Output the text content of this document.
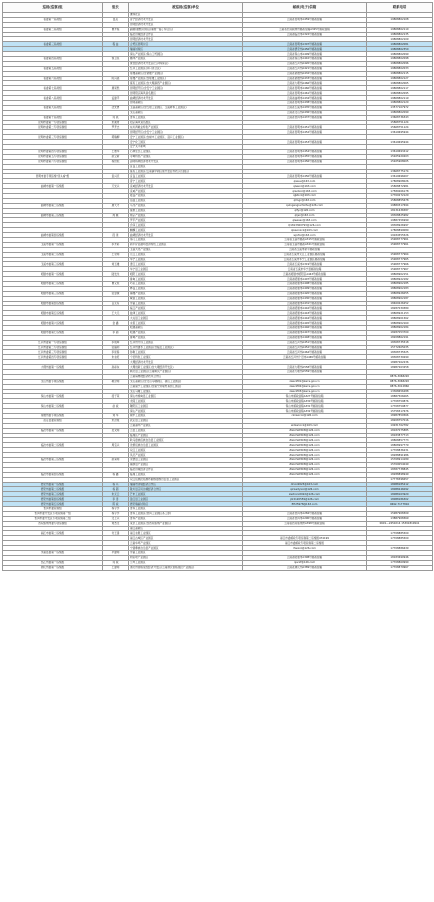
巡视(巡察)组	组长	被巡视(巡察)单位	邮政(电子)信箱	联系电话
		谦和社区		
省委第一巡视组	温克	晋宁经济技术开发区	云南省昆明市A459号邮政信箱	19808802108
		昆明经济技术开发区		
省委第二巡视组	曹开程	勐腊(磨憨)试验区(重塑一藤丁综合区)	云南省西双版纳州邮政信箱A325号邮政信箱	19808802110
		临沧边境经济合作区	云南省临沧市A322号邮政信箱	19808802135
		昆明经济技术开发区		19808802109
省委第三巡视组	程 益	合贸区昆明片区	云南省昆明市A307号邮政信箱	19808802081
		瑞丽试验区	云南省德宏州A456号邮政信箱	19808802350
		保山产业园区(保山工贸园区)	云南省保山市A409号邮政信箱	19808802099
省委第四巡视组	徐卫民	腾冲产业园区	云南省保山市A410号邮政信箱	19808802098
		蒙自经济技术开发区(红河综保区)	云南省红河州A420号邮政信箱	19808802096
省委第五巡视组		红河工业园区(河口边合区)	云南省红河州A421号邮政信箱	19808802033
		楚雄高新区(含楚雄产业园区)	云南省楚雄州A432号邮政信箱	19808802115
省委第六巡视组	陈兴美	楚雄产业园区(含楚雄工业园区)	云南省楚雄州A433号邮政信箱	19808802127
		富民工业园区(含大理滇西产业园区)	云南省大理州A466号邮政信箱	19808802065
省委第七巡视组	唐亮然	昆明经开区(含安宁工业园区)	云南省昆明市A460号邮政信箱	19808802117
		昆明阳宗海风景名胜区	云南省昆明市A461号邮政信箱	19808802095
省委第八巡视组	孟建平	曲靖经济技术开发区	云南省曲靖市A434号邮政信箱	19808802119
		昆明高新区	云南省昆明市A438号邮政信箱	19808802120
省委第九巡视组	沈先勇	玉溪高新区(含红塔工业园区、玉溪研和工业园区)	云南省玉溪市A435号邮政信箱	13577107972
		文山高新区	云南省文山州A436号邮政信箱	19808802099
省委第十巡视组	何 燕	普洱工业园区	云南省普洱市A437号邮政信箱	13608736343
昆明市委第一专项巡察组	朱素青	阳宗海风景名胜区		15868751124
昆明市委第二专项巡察组	罗开志	东川再就业特色产业园区	云南省昆明市A451号邮政信箱	15668751124
		昆明经开区(含安宁工业园区)	云南省昆明市A452号邮政信箱	13619695944
昆明市委第三专项巡察组	郭瑞柳	安宁工业园区(含禄丰工业园区、嵩口工业园区)		
		安宁化工园区	云南省昆明市A453号邮政信箱	13619695944
		安宁太平新城		
昆明市委第四专项巡察组	王惠华	石林生态工业园区	云南省昆明市A454号邮政信箱	13619693412
昆明市委第五专项巡察组	赵立新	寻甸特色产业园区	云南省昆明市A455号邮政信箱	15925920203
昆明市委第六专项巡察组	杨世松	嵩明杨林经济技术开发区	云南省昆明市A456号邮政信箱	15925908005
		宜良工业园区		
		富民工业园区(云南滇中新区现代农业科技示范园区)		13668775174
昆明市委专项巡察"回头看"组	袁兴庆	宜良工业园区	云南省昆明市A450号邮政信箱	13619696007
		晋宁工业园区	qiweu@163.com	17808908026
曲靖市委第一巡察组	万光兴	宣威经济技术开发区	qlswcz@163.com	15808872981
		宣威产业园区	qiwdxcz@163.com	17589266178
		陆良产业园区	qljzbcz@163.com	17769272120
		沾益工业园区	qlmgc@163.com	15808855678
曲靖市委第二巡察组	唐天才	马龙产业园区	qulngangiuchizhu@126.com	19889317694
		富源工业园区	qlfyc@126.com	18131636587
曲靖市委第三巡察组	周 魁	师宗产业园区	qljsc@163.com	18308825982
		罗平产业园区	qlswesc@163.com	19887456999
		会泽工业园区	Q1813360793@126.com	18308926997
		麒麟工业园区	qlswcxxcz@163.com	17808899080
曲靖市委第四巡察组	段 进	曲靖经济技术开发区	wjxfcz@163.com	19184555526
		易门工业园区	云南省玉溪市邮政A315号邮政信箱	15908777961
玉溪市委第一巡察组	李开彩	新平矿业循环经济特色工业园区	云南省玉溪市邮政A321号邮政信箱	15908777961
		玉溪大化产业园区	云南省玉溪市新平邮政信箱	
玉溪市委第二巡察组	王宏明	元江工业园区	云南省玉溪市元江工业园区邮政信箱	15908777964
		华宁工业园区	云南省玉溪市华宁工业园区邮政信箱	15908777965
玉溪市委第三巡察组	刘玉雄	澄江工业园区	云南省玉溪市A319号邮政信箱	15908777966
		华宁县工业园区	云南省玉溪市华宁县邮政信箱	15908777967
昭通市委第一巡察组	陆发龙	昭阳工业园区	云南省昭通市昭阳区A443号邮政信箱	18808902151
		鲁甸工业园区	云南省昭通市A407号邮政信箱	18808922182
昭通市委第二巡察组	曹义虎	巧家工业园区	云南省昭通市A408号邮政信箱	18808902185
		彝良工业园区	云南省昭通市A409号邮政信箱	18808902183
昭通市委第三巡察组	张金禄	镇雄产业园区	云南省昭通市A420号邮政信箱	18808926055
		威信工业园区	云南省昭通市A430号邮政信箱	18808902187
昭通市委第四巡察组	吕元有	水富工业园区	云南省昭通市A431号邮政信箱	18469226252
		绥江产业园区	云南省昭通市A442号邮政信箱	18287039380
昭通市委第五巡察组	王大元	盐津工业园区	云南省昭通市A443号邮政信箱	18808921153
		大关县工业园区	云南省昭通市A444号邮政信箱	18808901562
昭通市委第六巡察组	金 鑫	永善工业园区	云南省昭通市A445号邮政信箱	18808902160
		昭通高新区	云南省昭通市A446号邮政信箱	18808902184
昭通市委第七巡察组	李 超	昭通产业园区	云南省昭通市A447号邮政信箱	18287053700
		鲁甸产业园区	云南省昭通市A448号邮政信箱	18208862191
红河州委第一专项巡察组	李毅辉	红河州开远工业园区	云南省红河州A451号邮政信箱	18308735518
红河州委第二专项巡察组	张福利	红河州建水工业园区(含临安工业园区)	云南省红河州A452号邮政信箱	15772605035
红河州委第三专项巡察组	李迎春	弥勒工业园区	云南省红河州A464号邮政信箱	18308735525
红河州委第四专项巡察组	朱永旺	个旧特色工业园区	云南省红河州个旧市A465号邮政信箱	18308739290
		大理经济技术开发区		18987262236
大理州委第一巡察组	孙彩东	大理创新工业园区(含大理经济开发区)	云南省大理州A558号邮政信箱	18987263258
		鹤庆县工业园区(云南鹤庆产业园区)	云南省大理州A559号邮政信箱	
		云南麻栗坡经济技术合作区		0876-3068220
文山州委专项巡察组	勒会明	文山高新区(含文山马塘新区、砚山工业园区)	zwsczf01@zwcs.gov.cn	0876-3068220
		云南富宁工业园区(含富宁边境贸易加工园区)	zwsczf02@zwcs.gov.cn	0876-3012860
		文山马塘工业园区	zwsczf03@zwcs.gov.cn	13368656288
保山市委第一巡察组	段子荣	保山市施甸县工业园区	保山市邮政信箱A327号邮政信箱	18887506065
		龙陵工业园区	保山市邮政信箱A330号邮政信箱	17708759876
保山市委第二巡察组	赵 斌	隆阳区工业园区	保山市邮政信箱A331号邮政信箱	17708759877
		保山产业园区	保山市邮政信箱A332号邮政信箱	15758317676
楚雄州委专项巡察组	刘 华	禄丰工业园区	czxwxccz@126.com	18987850566
武定县委巡察组	朱洪成	武定县工业园区		18208757016
		云南滇中产业新区	wdxwxccz@163.com	19931762782
临沧市委第一巡察组	吴文明	云县工业园区	ZGLCSWXCB@126.com	18187075885
		临翔区产业园区	ZGLCSWXCB@126.com	18183877713
		耿马傣族佤族自治县工业园区	ZGLCSWXCB@126.com	18808857773
临沧市委第二巡察组	周宝兴	沧源佤族自治县工业园区	ZGLCSWXCB@126.com	18808997779
		双江工业园区	ZGLCSWXCB@126.com	17708836231
		凤庆产业园区	ZGLCSWXCB@126.com	18288891986
临沧市委第三巡察组	赵荣明	永德县工业园区	ZGLCSWXCB@126.com	15768914189
		镇康县产业园区	ZGLCSWXCB@126.com	15769054049
		临沧边境经济合作区	ZGLCSWXCB@126.com	18387738845
临沧市委第四巡察组	杨 鑫	临翔工业园区	ZGLCSWXCB@126.com	18288898949
		双江佤族拉祜族布朗族傣族自治县工业园区		17778398457
德宏州委第一巡察组	杨 兵	瑞丽市边境经济合作区	drxcz2023@163.com	18088185212
德宏州委第二巡察组	杨 超	陇川县章凤边境经济合作区	qirxwdyxcz@126.com	18088246092
德宏州委第三巡察组	朱元云	芒市工业园区	zwdrxcz2022@126.com	18088163920
德宏州委第四巡察组	李 涛	盈江县工业园区	jdr2120559@126.com	18088186302
德宏州委第五巡察组	陈 斌	德宏瑞丽试验区	EH25978@163.com	0692-7177816
普洱市委巡察组	杨宇学	普洱工业园区		
普洱市委开发区专项巡察第一组	杨宇学	普洱工业园区(普洱工业园区茶工康)	云南省普洱市A284号邮政信箱	15987908309
普洱市委开发区专项巡察第二组	文上兴	普洱产业园区	云南省普洱市A290号邮政信箱	13887908369
西双版纳州委专项巡察组	刘杰文	景洪工业园区(含西双版纳产业园区)	云南省西双版纳州A398号邮政信箱	0691—2450214 15391810941
		丽江高新区		
丽江市委第二巡察组	付王锋	丽江永胜工业园区		17708885500
		丽江古城区产业园区	丽江市委邮政专项巡察第二巡察组474199	17708885500
		云南华坪产业园区	丽江市委邮政专项巡察第二巡察组	
		宁蒗彝族自治县产业园区	lhwxcz@126.com	17708886639
水富县委第一巡察组	毕建明	水富工业园区		
		向家坝产业园区	云南省昭通市A398号邮政信箱	18183690946
怒江州委第一巡察组	何 斌	兰坪工业园区	njsczf@126.com	17708869990
迪庆州委第一巡察组	王建明	迪庆州香格里拉经济开发区(云南迪庆香格里拉产业园区)	云南省迪庆州A389号邮政信箱	17708879967
